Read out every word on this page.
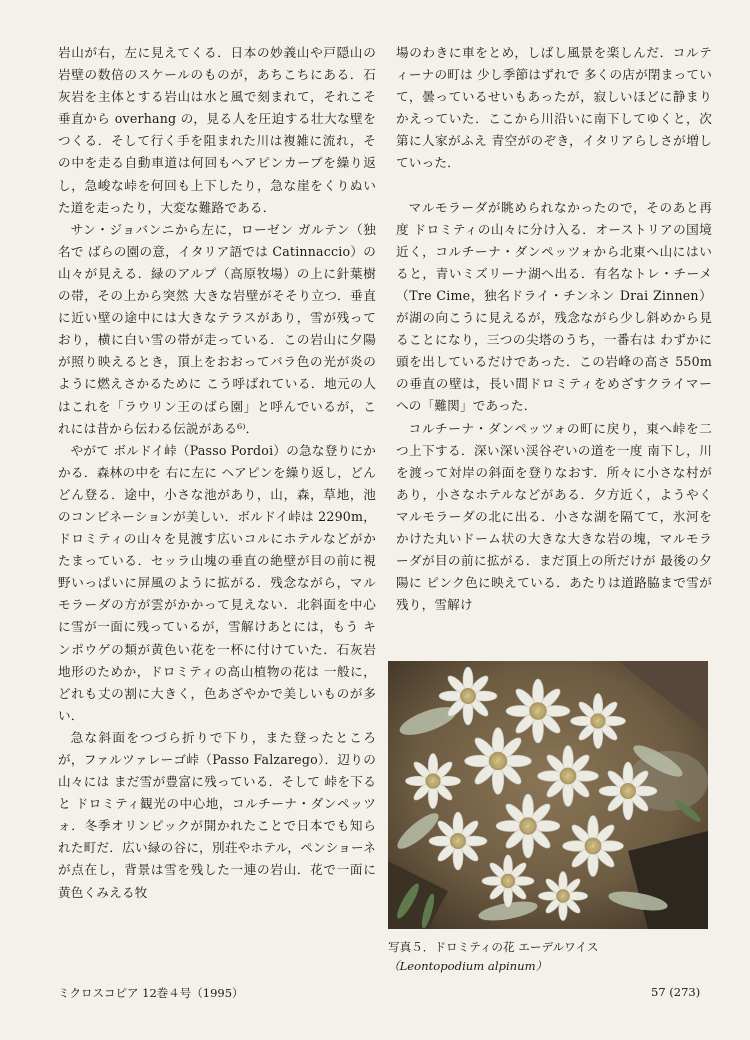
岩山が右，左に見えてくる．日本の妙義山や戸隠山の岩壁の数倍のスケールのものが，あちこちにある．石灰岩を主体とする岩山は水と風で刻まれて，それこそ垂直から overhang の，見る人を圧迫する壮大な壁をつくる．そして行く手を阻まれた川は複雑に流れ，その中を走る自動車道は何回もヘアピンカーブを繰り返し，急峻な峠を何回も上下したり，急な崖をくりぬいた道を走ったり，大変な難路である．

サン・ジョバンニから左に，ローゼン ガルテン（独名で ばらの園の意，イタリア語では Catinnaccio）の山々が見える．緑のアルプ（高原牧場）の上に針葉樹の帯，その上から突然 大きな岩壁がそそり立つ．垂直に近い壁の途中には大きなテラスがあり，雪が残っており，横に白い雪の帯が走っている．この岩山に夕陽が照り映えるとき，頂上をおおってバラ色の光が炎のように燃えさかるために こう呼ばれている．地元の人はこれを「ラウリン王のばら園」と呼んでいるが，これには昔から伝わる伝説がある⁶⁾．

やがて ボルドイ峠（Passo Pordoi）の急な登りにかかる．森林の中を 右に左に ヘアピンを繰り返し，どんどん登る．途中，小さな池があり，山，森，草地，池のコンビネーションが美しい．ボルドイ峠は 2290m，ドロミティの山々を見渡す広いコルにホテルなどがかたまっている．セッラ山塊の垂直の絶壁が目の前に視野いっぱいに屏風のように拡がる．残念ながら，マルモラーダの方が雲がかかって見えない．北斜面を中心に雪が一面に残っているが，雪解けあとには，もう キンポウゲの類が黄色い花を一杯に付けていた．石灰岩地形のためか，ドロミティの高山植物の花は 一般に，どれも丈の割に大きく，色あざやかで美しいものが多い．

急な斜面をつづら折りで下り，また登ったところが，ファルツァレーゴ峠（Passo Falzarego）．辺りの山々には まだ雪が豊富に残っている．そして 峠を下ると ドロミティ観光の中心地，コルチーナ・ダンペッツォ．冬季オリンピックが開かれたことで日本でも知られた町だ．広い緑の谷に，別荘やホテル，ペンショーネが点在し，背景は雪を残した一連の岩山．花で一面に黄色くみえる牧

場のわきに車をとめ，しばし風景を楽しんだ．コルティーナの町は 少し季節はずれで 多くの店が閉まっていて，曇っているせいもあったが，寂しいほどに静まりかえっていた．ここから川沿いに南下してゆくと，次第に人家がふえ 青空がのぞき，イタリアらしさが増していった．

マルモラーダが眺められなかったので，そのあと再度 ドロミティの山々に分け入る．オーストリアの国境近く，コルチーナ・ダンペッツォから北東へ山にはいると，青いミズリーナ湖へ出る．有名なトレ・チーメ（Tre Cime，独名ドライ・チンネン Drai Zinnen）が湖の向こうに見えるが，残念ながら少し斜めから見ることになり，三つの尖塔のうち，一番右は わずかに頭を出しているだけであった．この岩峰の高さ 550m の垂直の壁は，長い間ドロミティをめざすクライマーへの「難関」であった．

コルチーナ・ダンペッツォの町に戻り，東へ峠を二つ上下する．深い深い渓谷ぞいの道を一度 南下し，川を渡って対岸の斜面を登りなおす．所々に小さな村があり，小さなホテルなどがある．夕方近く，ようやくマルモラーダの北に出る．小さな湖を隔てて，氷河をかけた丸いドーム状の大きな大きな岩の塊，マルモラーダが目の前に拡がる．まだ頂上の所だけが 最後の夕陽に ピンク色に映えている．あたりは道路脇まで雪が残り，雪解け

写真５．ドロミティの花 エーデルワイス
（Leontopodium alpinum）
ミクロスコピア 12巻４号（1995）	57 (273)
